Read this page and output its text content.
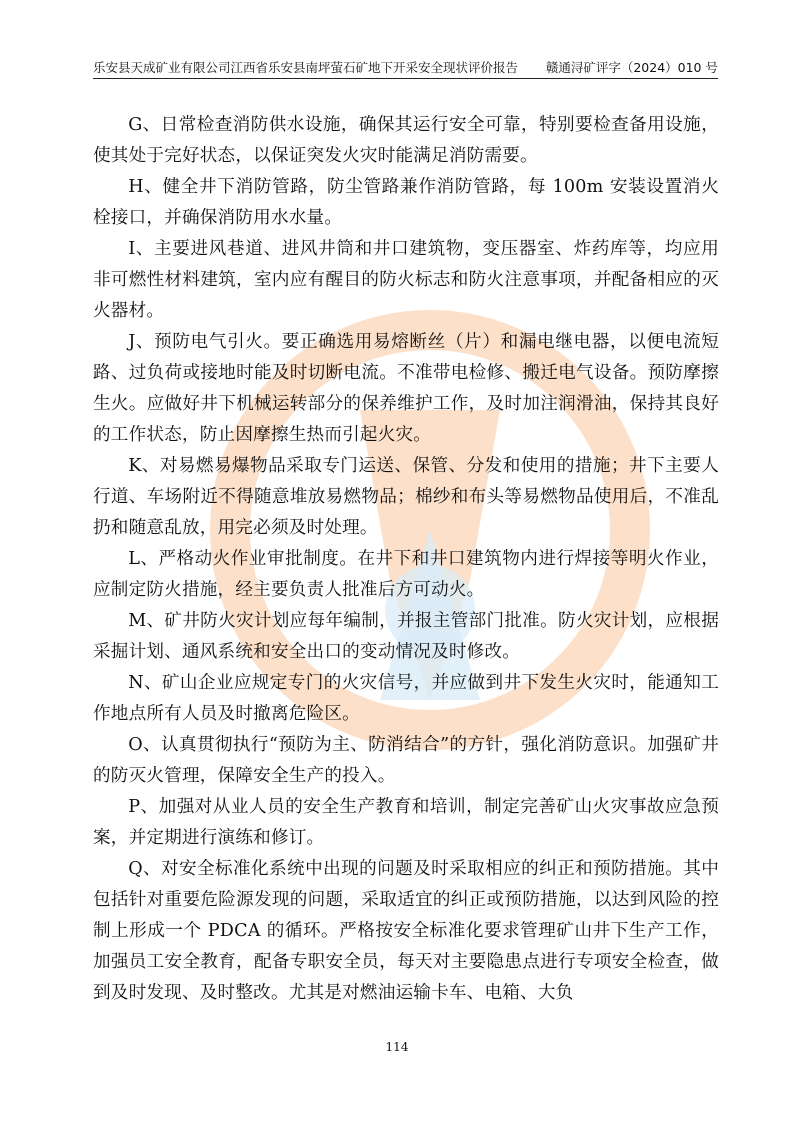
乐安县天成矿业有限公司江西省乐安县南坪萤石矿地下开采安全现状评价报告 赣通浔矿评字（2024）010 号

G、日常检查消防供水设施，确保其运行安全可靠，特别要检查备用设施，使其处于完好状态，以保证突发火灾时能满足消防需要。

H、健全井下消防管路，防尘管路兼作消防管路，每 100m 安装设置消火栓接口，并确保消防用水水量。

I、主要进风巷道、进风井筒和井口建筑物，变压器室、炸药库等，均应用非可燃性材料建筑，室内应有醒目的防火标志和防火注意事项，并配备相应的灭火器材。

J、预防电气引火。要正确选用易熔断丝（片）和漏电继电器，以便电流短路、过负荷或接地时能及时切断电流。不准带电检修、搬迁电气设备。预防摩擦生火。应做好井下机械运转部分的保养维护工作，及时加注润滑油，保持其良好的工作状态，防止因摩擦生热而引起火灾。

K、对易燃易爆物品采取专门运送、保管、分发和使用的措施；井下主要人行道、车场附近不得随意堆放易燃物品；棉纱和布头等易燃物品使用后，不准乱扔和随意乱放，用完必须及时处理。

L、严格动火作业审批制度。在井下和井口建筑物内进行焊接等明火作业，应制定防火措施，经主要负责人批准后方可动火。

M、矿井防火灾计划应每年编制，并报主管部门批准。防火灾计划，应根据采掘计划、通风系统和安全出口的变动情况及时修改。

N、矿山企业应规定专门的火灾信号，并应做到井下发生火灾时，能通知工作地点所有人员及时撤离危险区。

O、认真贯彻执行“预防为主、防消结合”的方针，强化消防意识。加强矿井的防灭火管理，保障安全生产的投入。

P、加强对从业人员的安全生产教育和培训，制定完善矿山火灾事故应急预案，并定期进行演练和修订。

Q、对安全标准化系统中出现的问题及时采取相应的纠正和预防措施。其中包括针对重要危险源发现的问题，采取适宜的纠正或预防措施，以达到风险的控制上形成一个 PDCA 的循环。严格按安全标准化要求管理矿山井下生产工作，加强员工安全教育，配备专职安全员，每天对主要隐患点进行专项安全检查，做到及时发现、及时整改。尤其是对燃油运输卡车、电箱、大负

114
